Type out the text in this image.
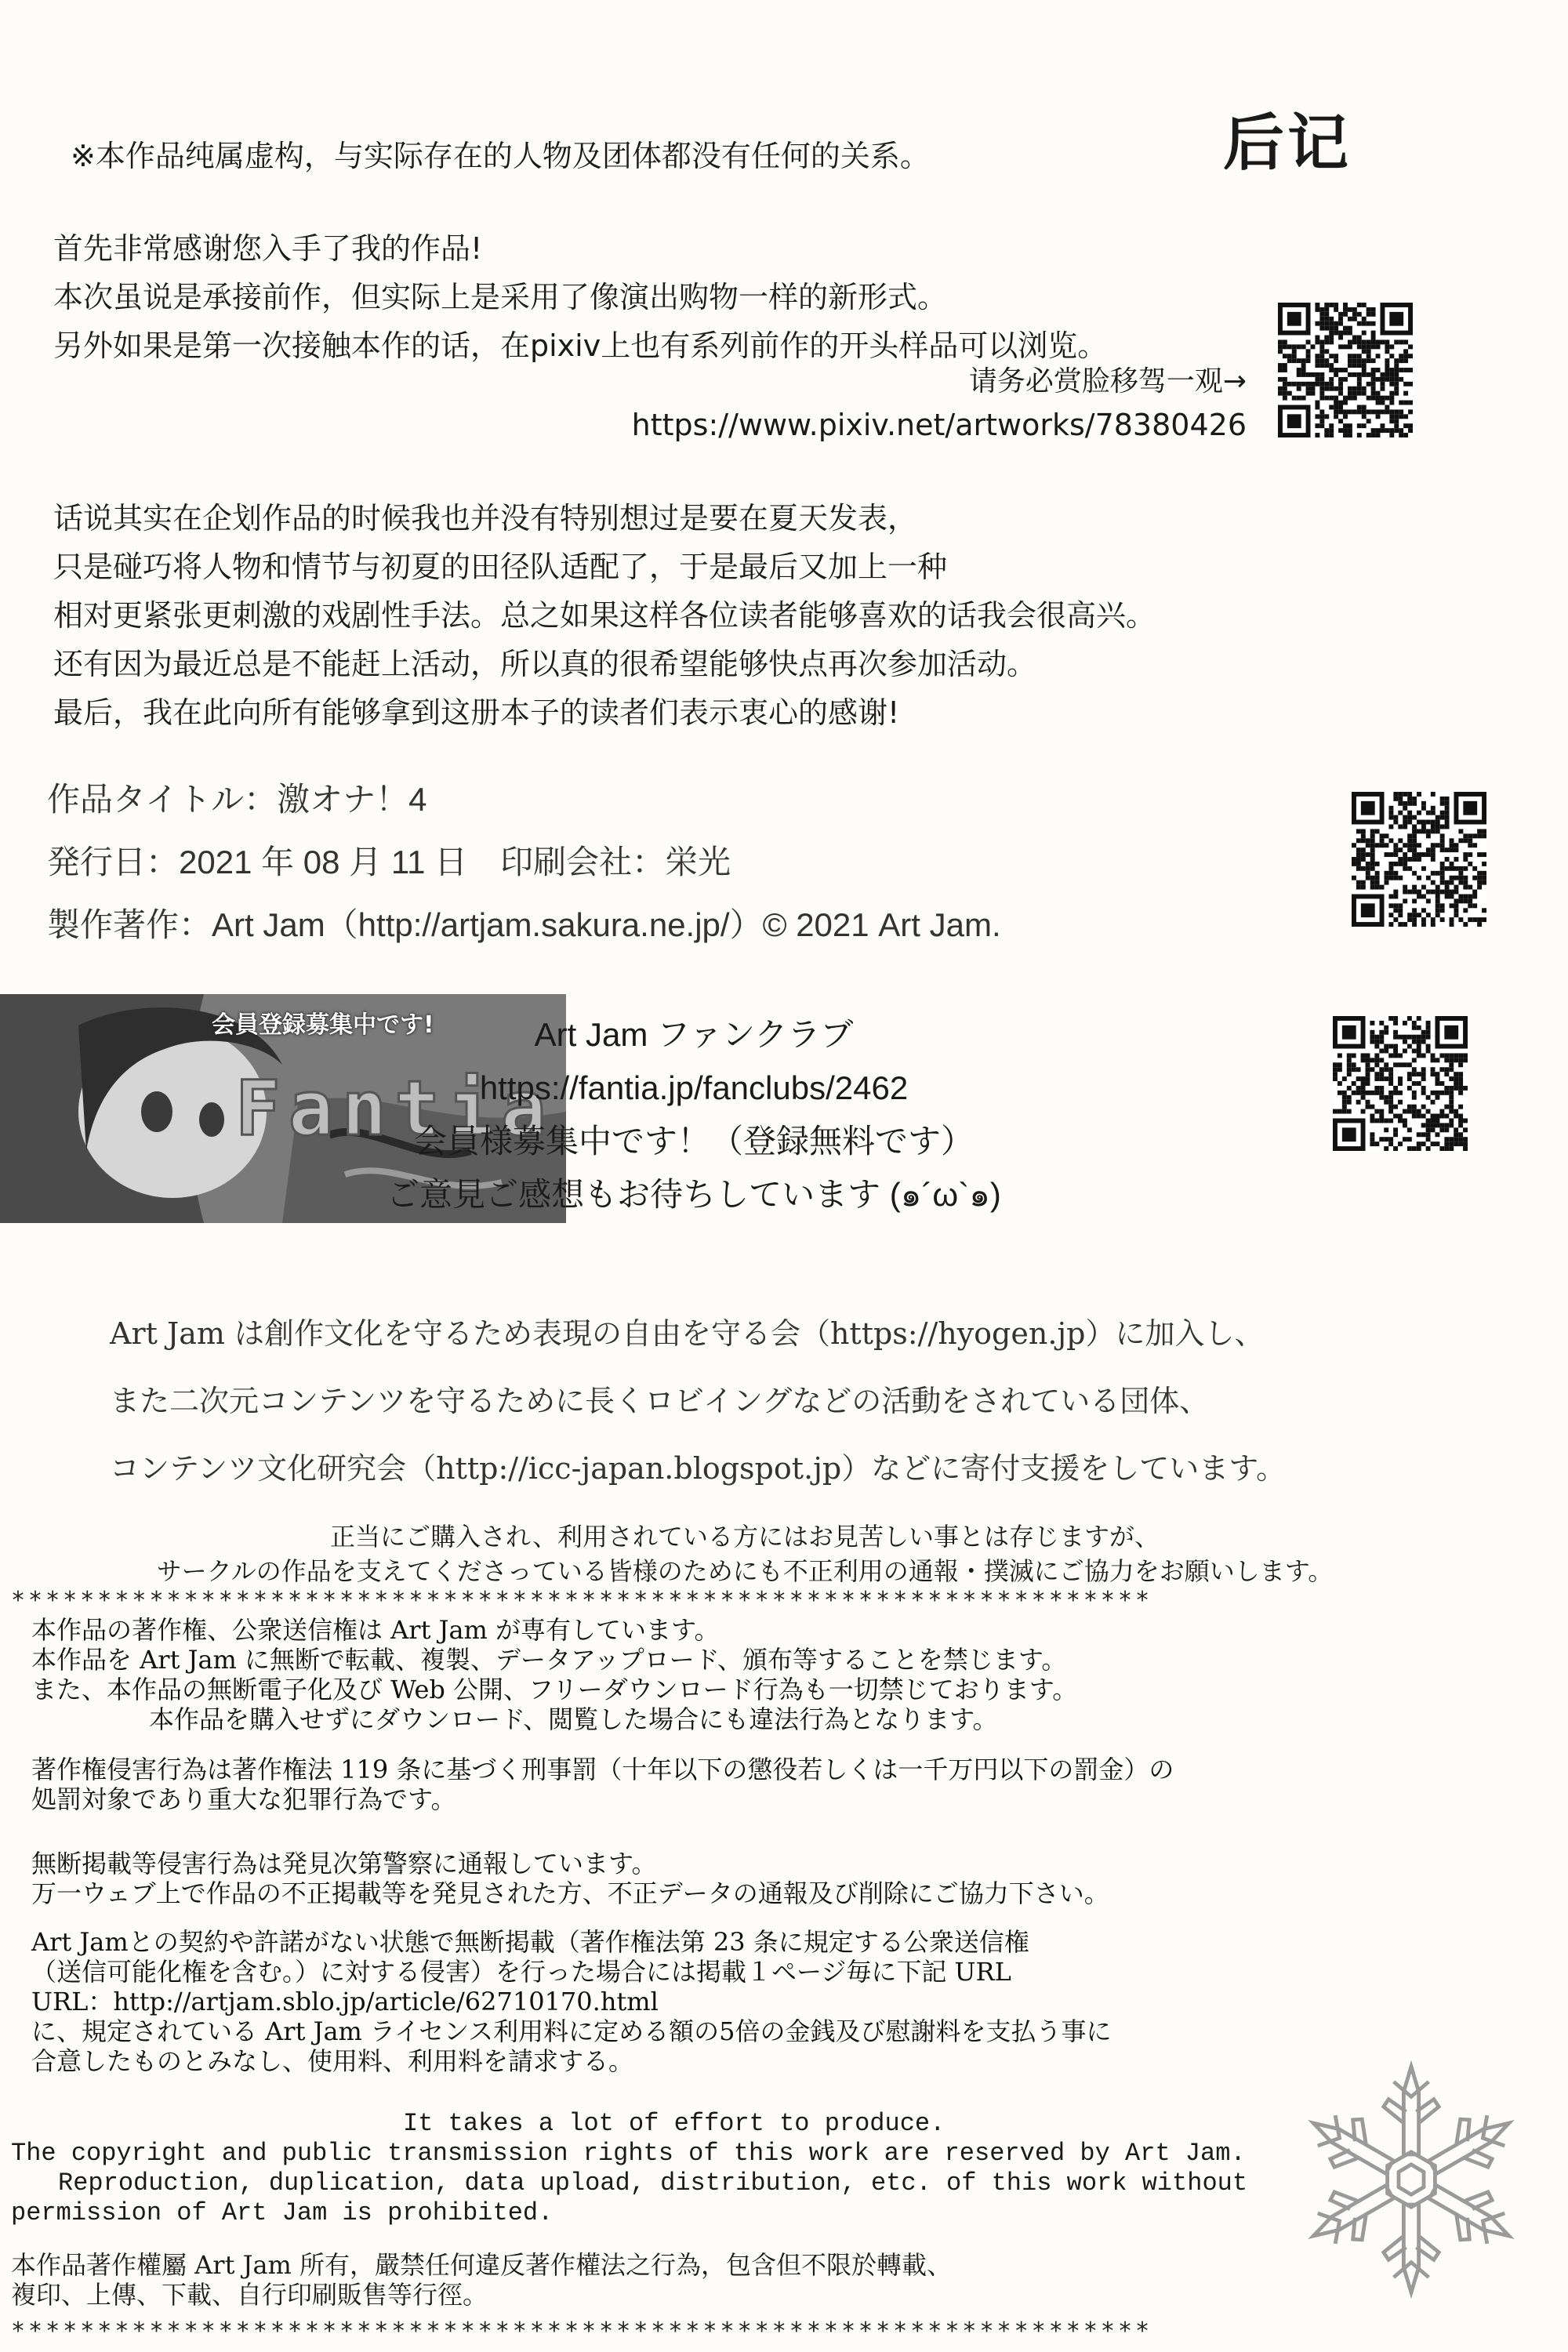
※本作品纯属虚构，与实际存在的人物及团体都没有任何的关系。	后记
首先非常感谢您入手了我的作品!
本次虽说是承接前作，但实际上是采用了像演出购物一样的新形式。
另外如果是第一次接触本作的话，在pixiv上也有系列前作的开头样品可以浏览。
请务必赏脸移驾一观→
https://www.pixiv.net/artworks/78380426
话说其实在企划作品的时候我也并没有特别想过是要在夏天发表，
只是碰巧将人物和情节与初夏的田径队适配了，于是最后又加上一种
相对更紧张更刺激的戏剧性手法。总之如果这样各位读者能够喜欢的话我会很高兴。
还有因为最近总是不能赶上活动，所以真的很希望能够快点再次参加活动。
最后，我在此向所有能够拿到这册本子的读者们表示衷心的感谢!
作品タイトル：激オナ！4
発行日：2021 年 08 月 11 日　印刷会社：栄光
製作著作：Art Jam（http://artjam.sakura.ne.jp/）© 2021 Art Jam.
会員登録募集中です!
Fantia
Art Jam ファンクラブ
https://fantia.jp/fanclubs/2462
会員様募集中です！（登録無料です）
ご意見ご感想もお待ちしています (๑´ω`๑)
Art Jam は創作文化を守るため表現の自由を守る会（https://hyogen.jp）に加入し、
また二次元コンテンツを守るために長くロビイングなどの活動をされている団体、
コンテンツ文化研究会（http://icc-japan.blogspot.jp）などに寄付支援をしています。
正当にご購入され、利用されている方にはお見苦しい事とは存じますが、
サークルの作品を支えてくださっている皆様のためにも不正利用の通報・撲滅にご協力をお願いします。
******************************************************************
本作品の著作権、公衆送信権は Art Jam が専有しています。
本作品を Art Jam に無断で転載、複製、データアップロード、頒布等することを禁じます。
また、本作品の無断電子化及び Web 公開、フリーダウンロード行為も一切禁じております。
本作品を購入せずにダウンロード、閲覧した場合にも違法行為となります。
著作権侵害行為は著作権法 119 条に基づく刑事罰（十年以下の懲役若しくは一千万円以下の罰金）の
処罰対象であり重大な犯罪行為です。
無断掲載等侵害行為は発見次第警察に通報しています。
万一ウェブ上で作品の不正掲載等を発見された方、不正データの通報及び削除にご協力下さい。
Art Jamとの契約や許諾がない状態で無断掲載（著作権法第 23 条に規定する公衆送信権
（送信可能化権を含む。）に対する侵害）を行った場合には掲載１ページ毎に下記 URL
URL：http://artjam.sblo.jp/article/62710170.html
に、規定されている Art Jam ライセンス利用料に定める額の5倍の金銭及び慰謝料を支払う事に
合意したものとみなし、使用料、利用料を請求する。
It takes a lot of effort to produce.
The copyright and public transmission rights of this work are reserved by Art Jam.
Reproduction, duplication, data upload, distribution, etc. of this work without
permission of Art Jam is prohibited.
本作品著作權屬 Art Jam 所有，嚴禁任何違反著作權法之行為，包含但不限於轉載、
複印、上傳、下載、自行印刷販售等行徑。
******************************************************************
